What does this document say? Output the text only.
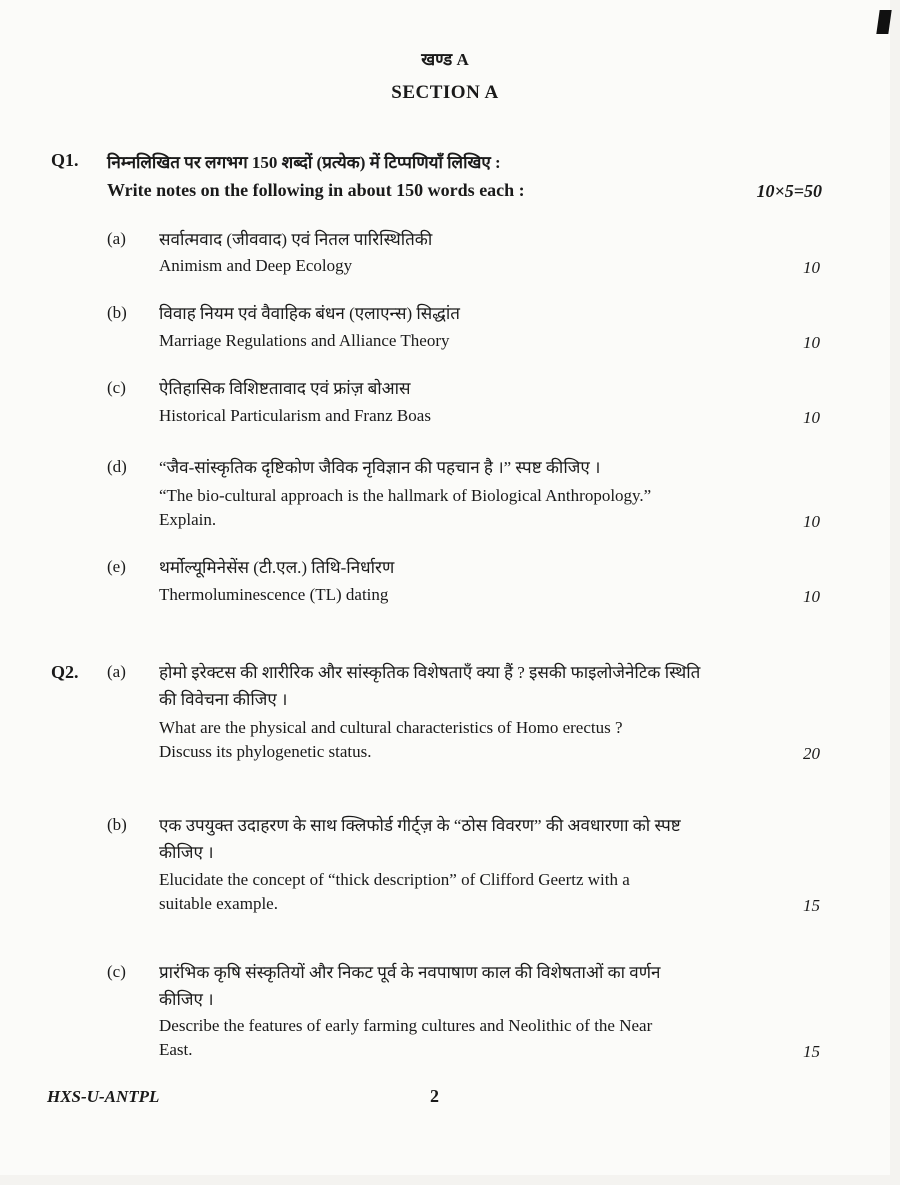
खण्ड A
SECTION A
Q1. निम्नलिखित पर लगभग 150 शब्दों (प्रत्येक) में टिप्पणियाँ लिखिए :
Write notes on the following in about 150 words each :	10×5=50
(a) सर्वात्मवाद (जीववाद) एवं नितल पारिस्थितिकी
Animism and Deep Ecology	10
(b) विवाह नियम एवं वैवाहिक बंधन (एलाएन्स) सिद्धांत
Marriage Regulations and Alliance Theory	10
(c) ऐतिहासिक विशिष्टतावाद एवं फ्रांज़ बोआस
Historical Particularism and Franz Boas	10
(d) “जैव-सांस्कृतिक दृष्टिकोण जैविक नृविज्ञान की पहचान है ।” स्पष्ट कीजिए ।
“The bio-cultural approach is the hallmark of Biological Anthropology.”
Explain.	10
(e) थर्मोल्यूमिनेसेंस (टी.एल.) तिथि-निर्धारण
Thermoluminescence (TL) dating	10
Q2. (a) होमो इरेक्टस की शारीरिक और सांस्कृतिक विशेषताएँ क्या हैं ? इसकी फाइलोजेनेटिक स्थिति
की विवेचना कीजिए ।
What are the physical and cultural characteristics of Homo erectus ?
Discuss its phylogenetic status.	20
(b) एक उपयुक्त उदाहरण के साथ क्लिफोर्ड गीर्ट्ज़ के “ठोस विवरण” की अवधारणा को स्पष्ट
कीजिए ।
Elucidate the concept of “thick description” of Clifford Geertz with a
suitable example.	15
(c) प्रारंभिक कृषि संस्कृतियों और निकट पूर्व के नवपाषाण काल की विशेषताओं का वर्णन
कीजिए ।
Describe the features of early farming cultures and Neolithic of the Near
East.	15
HXS-U-ANTPL	2
